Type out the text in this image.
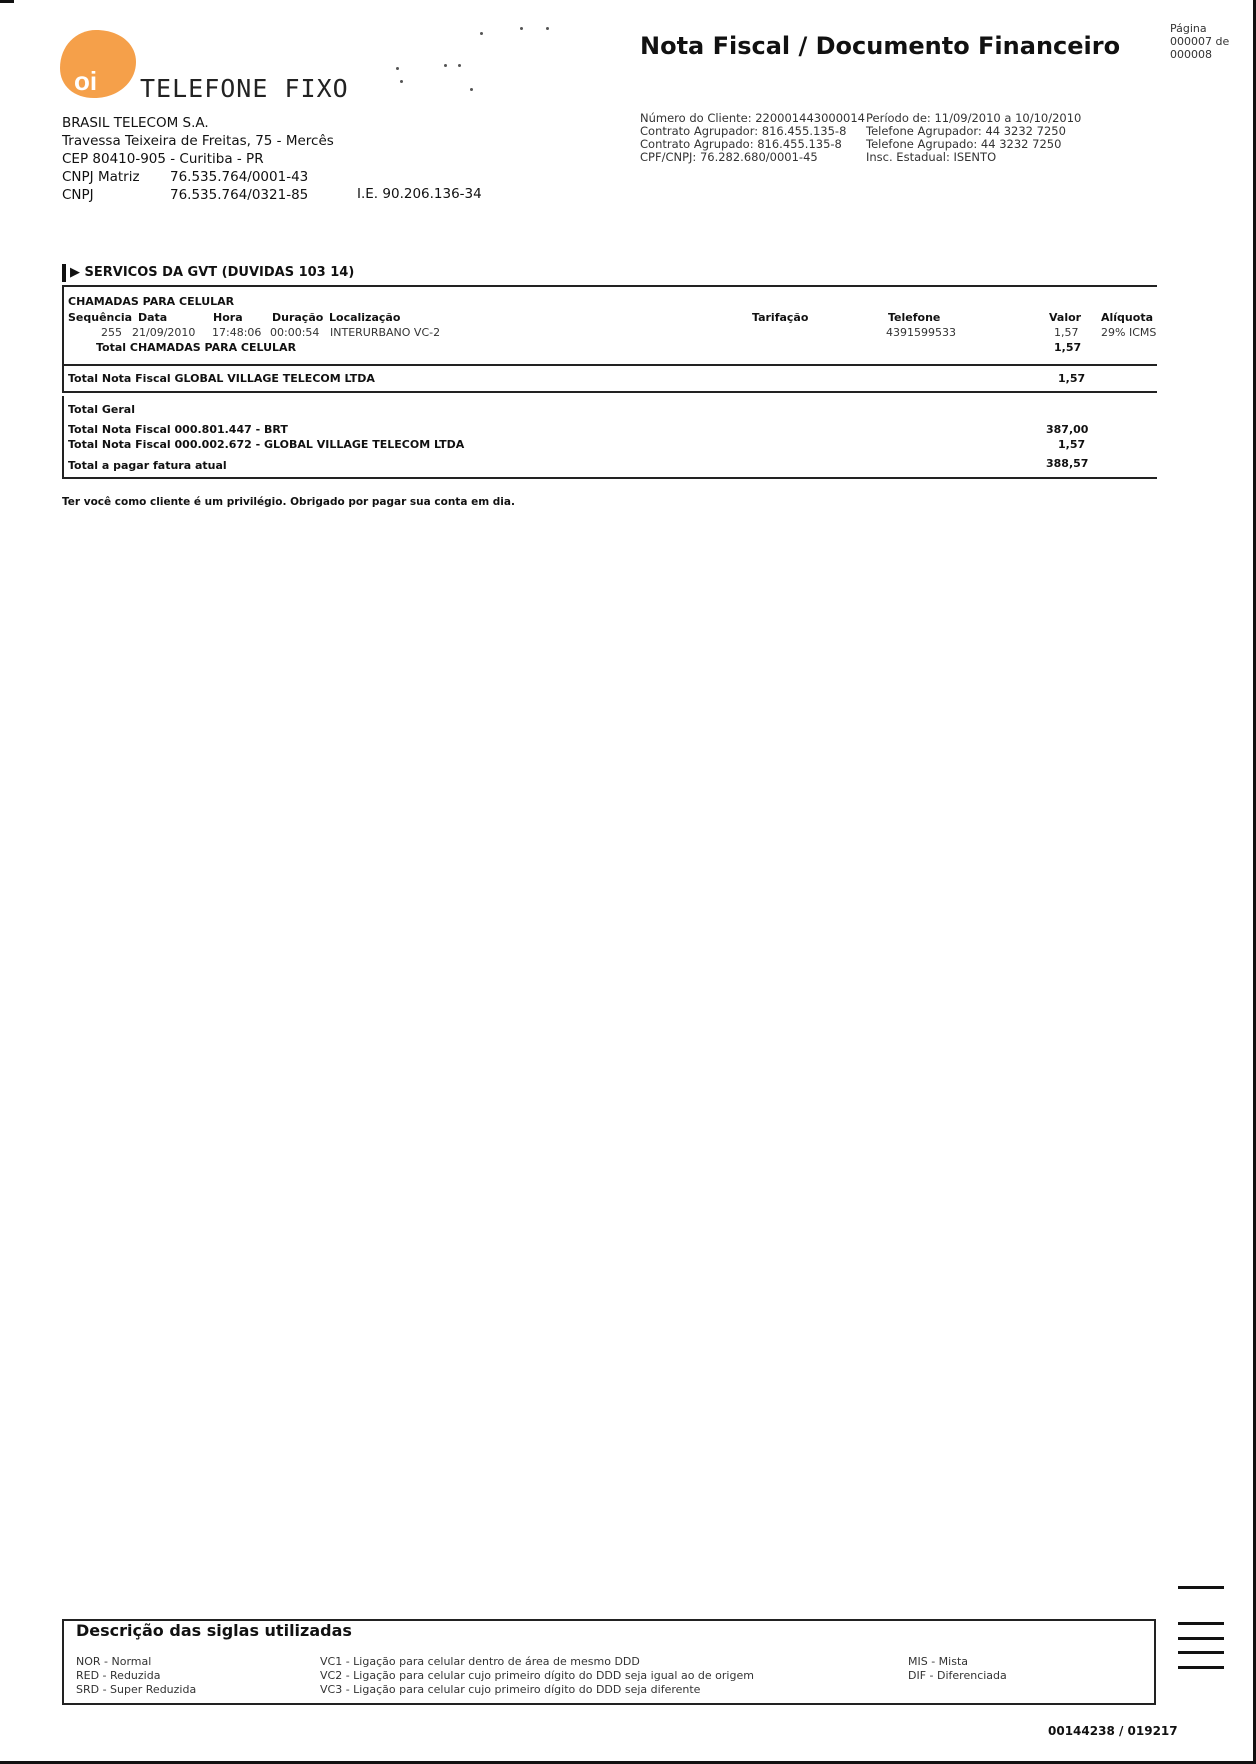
oi TELEFONE FIXO
BRASIL TELECOM S.A.
Travessa Teixeira de Freitas, 75 - Mercês
CEP 80410-905 - Curitiba - PR
CNPJ Matriz	76.535.764/0001-43
CNPJ	76.535.764/0321-85	I.E. 90.206.136-34
Nota Fiscal / Documento Financeiro
Página
000007 de
000008
Número do Cliente: 220001443000014
Contrato Agrupador: 816.455.135-8
Contrato Agrupado: 816.455.135-8
CPF/CNPJ: 76.282.680/0001-45
Período de: 11/09/2010 a 10/10/2010
Telefone Agrupador: 44 3232 7250
Telefone Agrupado: 44 3232 7250
Insc. Estadual: ISENTO
▶ SERVICOS DA GVT (DUVIDAS 103 14)
CHAMADAS PARA CELULAR
Sequência Data	Hora	Duração Localização	Tarifação	Telefone	Valor Alíquota
255 21/09/2010 17:48:06 00:00:54 INTERURBANO VC-2	4391599533	1,57 29% ICMS
Total CHAMADAS PARA CELULAR	1,57
Total Nota Fiscal GLOBAL VILLAGE TELECOM LTDA	1,57
Total Geral
Total Nota Fiscal 000.801.447 - BRT	387,00
Total Nota Fiscal 000.002.672 - GLOBAL VILLAGE TELECOM LTDA	1,57
Total a pagar fatura atual	388,57
Ter você como cliente é um privilégio. Obrigado por pagar sua conta em dia.
Descrição das siglas utilizadas
NOR - Normal
RED - Reduzida
SRD - Super Reduzida
VC1 - Ligação para celular dentro de área de mesmo DDD
VC2 - Ligação para celular cujo primeiro dígito do DDD seja igual ao de origem
VC3 - Ligação para celular cujo primeiro dígito do DDD seja diferente
MIS - Mista
DIF - Diferenciada
00144238 / 019217
